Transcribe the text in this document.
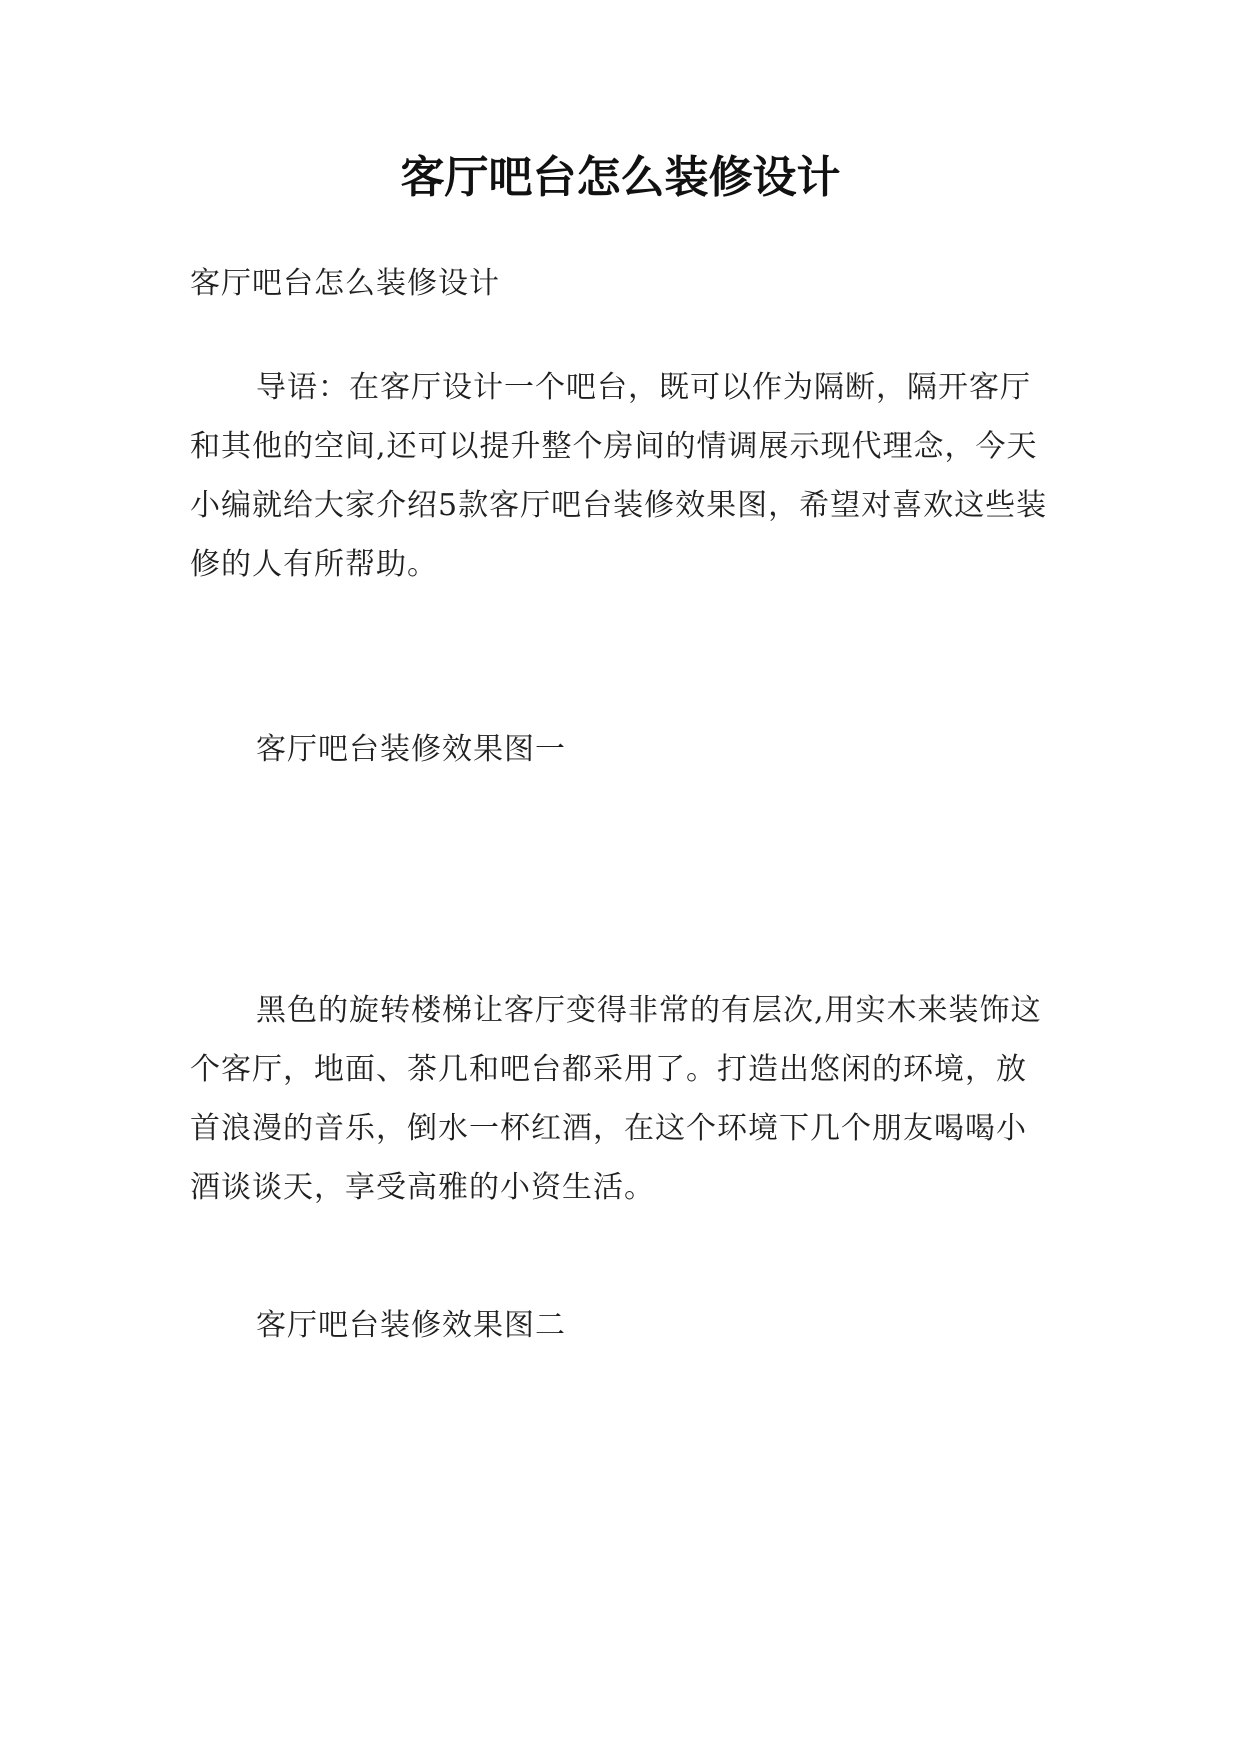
客厅吧台怎么装修设计
客厅吧台怎么装修设计
导语：在客厅设计一个吧台，既可以作为隔断，隔开客厅和其他的空间,还可以提升整个房间的情调展示现代理念，今天小编就给大家介绍5款客厅吧台装修效果图，希望对喜欢这些装修的人有所帮助。
客厅吧台装修效果图一
黑色的旋转楼梯让客厅变得非常的有层次,用实木来装饰这个客厅，地面、茶几和吧台都采用了。打造出悠闲的环境，放首浪漫的音乐，倒水一杯红酒，在这个环境下几个朋友喝喝小酒谈谈天，享受高雅的小资生活。
客厅吧台装修效果图二
